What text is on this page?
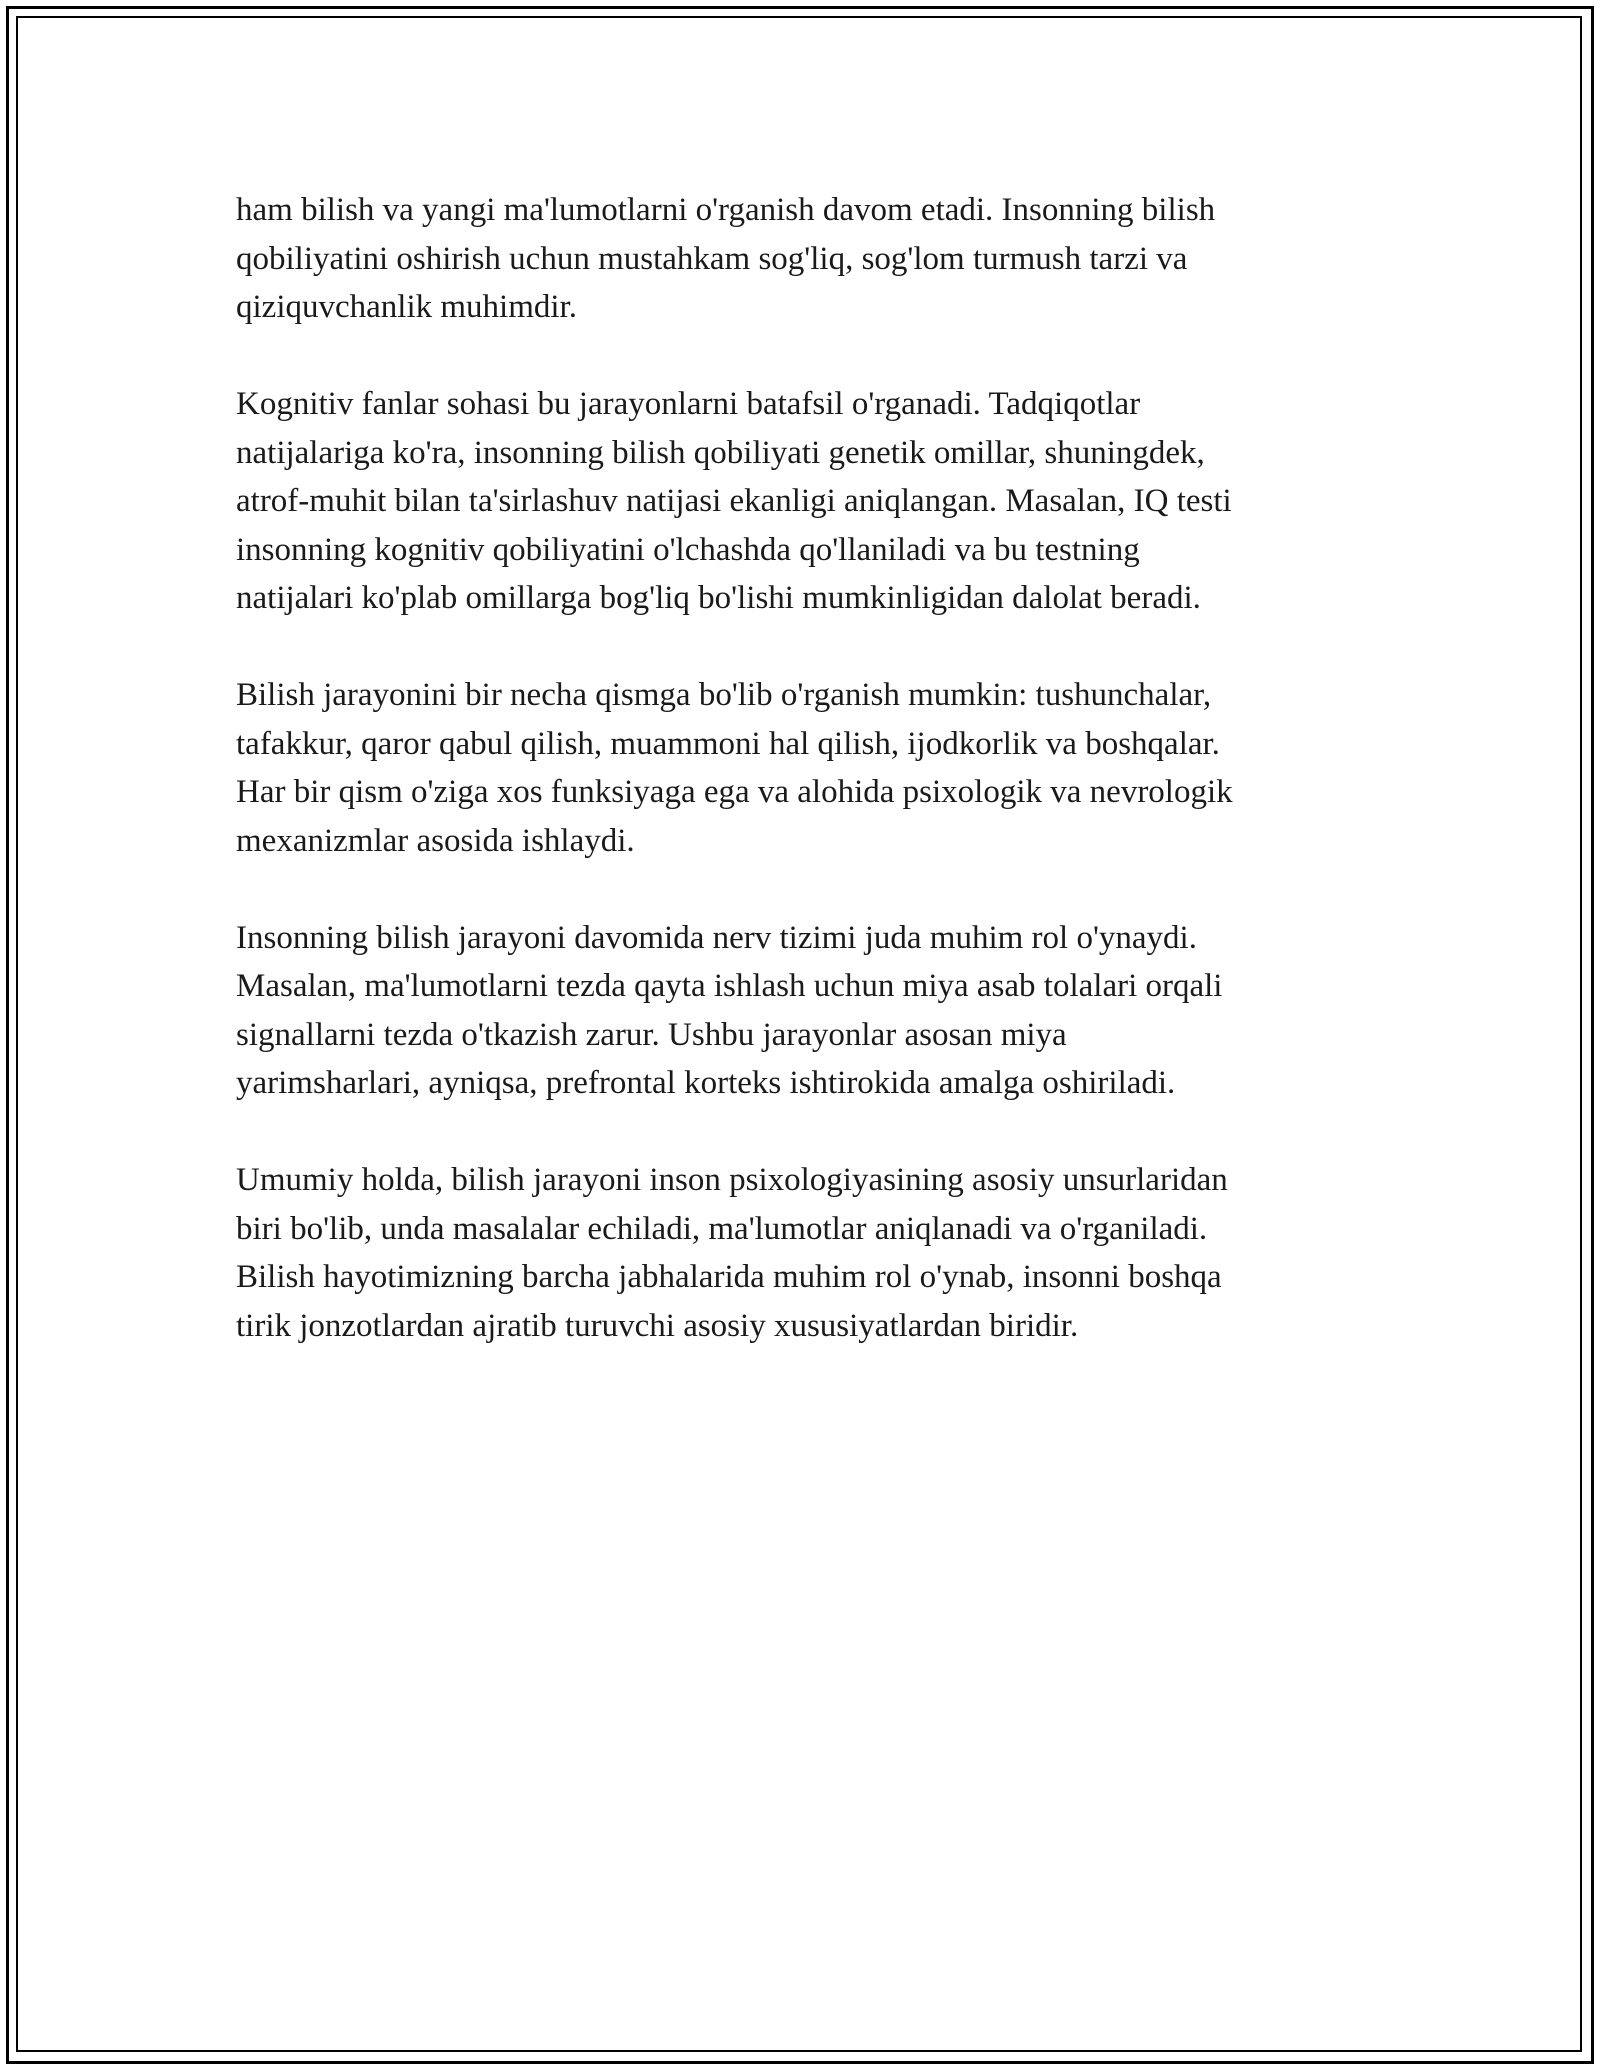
ham bilish va yangi ma'lumotlarni o'rganish davom etadi. Insonning bilish
qobiliyatini oshirish uchun mustahkam sog'liq, sog'lom turmush tarzi va
qiziquvchanlik muhimdir.

Kognitiv fanlar sohasi bu jarayonlarni batafsil o'rganadi. Tadqiqotlar
natijalariga ko'ra, insonning bilish qobiliyati genetik omillar, shuningdek,
atrof-muhit bilan ta'sirlashuv natijasi ekanligi aniqlangan. Masalan, IQ testi
insonning kognitiv qobiliyatini o'lchashda qo'llaniladi va bu testning
natijalari ko'plab omillarga bog'liq bo'lishi mumkinligidan dalolat beradi.

Bilish jarayonini bir necha qismga bo'lib o'rganish mumkin: tushunchalar,
tafakkur, qaror qabul qilish, muammoni hal qilish, ijodkorlik va boshqalar.
Har bir qism o'ziga xos funksiyaga ega va alohida psixologik va nevrologik
mexanizmlar asosida ishlaydi.

Insonning bilish jarayoni davomida nerv tizimi juda muhim rol o'ynaydi.
Masalan, ma'lumotlarni tezda qayta ishlash uchun miya asab tolalari orqali
signallarni tezda o'tkazish zarur. Ushbu jarayonlar asosan miya
yarimsharlari, ayniqsa, prefrontal korteks ishtirokida amalga oshiriladi.

Umumiy holda, bilish jarayoni inson psixologiyasining asosiy unsurlaridan
biri bo'lib, unda masalalar echiladi, ma'lumotlar aniqlanadi va o'rganiladi.
Bilish hayotimizning barcha jabhalarida muhim rol o'ynab, insonni boshqa
tirik jonzotlardan ajratib turuvchi asosiy xususiyatlardan biridir.
